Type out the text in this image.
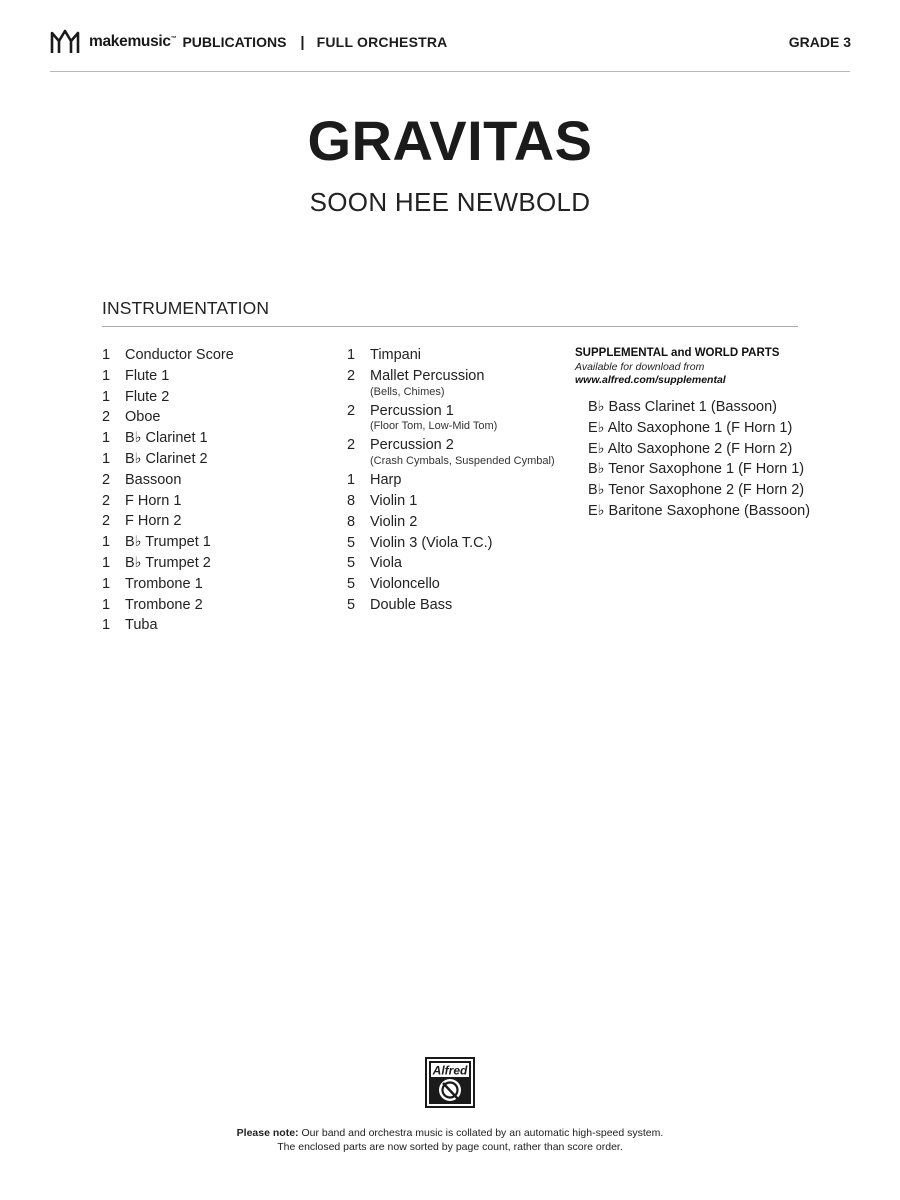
makemusic™ PUBLICATIONS | FULL ORCHESTRA	GRADE 3
GRAVITAS
SOON HEE NEWBOLD
INSTRUMENTATION
1	Conductor Score
1	Flute 1
1	Flute 2
2	Oboe
1	B♭ Clarinet 1
1	B♭ Clarinet 2
2	Bassoon
2	F Horn 1
2	F Horn 2
1	B♭ Trumpet 1
1	B♭ Trumpet 2
1	Trombone 1
1	Trombone 2
1	Tuba
1	Timpani
2	Mallet Percussion
(Bells, Chimes)
2	Percussion 1
(Floor Tom, Low-Mid Tom)
2	Percussion 2
(Crash Cymbals, Suspended Cymbal)
1	Harp
8	Violin 1
8	Violin 2
5	Violin 3 (Viola T.C.)
5	Viola
5	Violoncello
5	Double Bass
SUPPLEMENTAL and WORLD PARTS
Available for download from
www.alfred.com/supplemental
B♭ Bass Clarinet 1 (Bassoon)
E♭ Alto Saxophone 1 (F Horn 1)
E♭ Alto Saxophone 2 (F Horn 2)
B♭ Tenor Saxophone 1 (F Horn 1)
B♭ Tenor Saxophone 2 (F Horn 2)
E♭ Baritone Saxophone (Bassoon)
Alfred
Please note: Our band and orchestra music is collated by an automatic high-speed system.
The enclosed parts are now sorted by page count, rather than score order.
